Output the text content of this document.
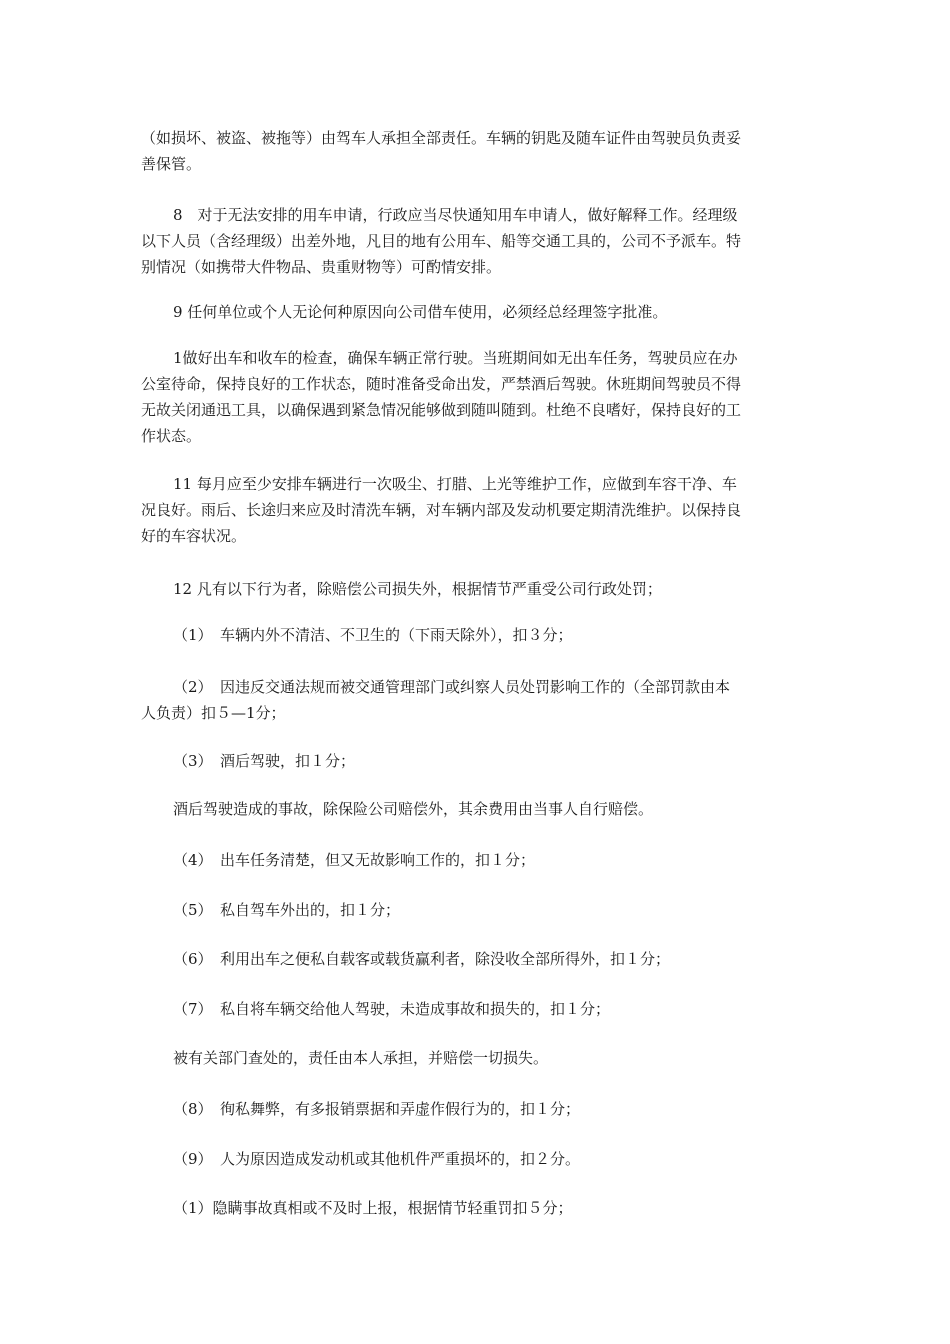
（如损坏、被盗、被拖等）由驾车人承担全部责任。车辆的钥匙及随车证件由驾驶员负责妥
善保管。

8　对于无法安排的用车申请，行政应当尽快通知用车申请人，做好解释工作。经理级
以下人员（含经理级）出差外地，凡目的地有公用车、船等交通工具的，公司不予派车。特
别情况（如携带大件物品、贵重财物等）可酌情安排。

9 任何单位或个人无论何种原因向公司借车使用，必须经总经理签字批准。

1做好出车和收车的检查，确保车辆正常行驶。当班期间如无出车任务，驾驶员应在办
公室待命，保持良好的工作状态，随时准备受命出发，严禁酒后驾驶。休班期间驾驶员不得
无故关闭通迅工具，以确保遇到紧急情况能够做到随叫随到。杜绝不良嗜好，保持良好的工
作状态。

11 每月应至少安排车辆进行一次吸尘、打腊、上光等维护工作，应做到车容干净、车
况良好。雨后、长途归来应及时清洗车辆，对车辆内部及发动机要定期清洗维护。以保持良
好的车容状况。

12 凡有以下行为者，除赔偿公司损失外，根据情节严重受公司行政处罚；

（1）　车辆内外不清洁、不卫生的（下雨天除外），扣３分；

（2）　因违反交通法规而被交通管理部门或纠察人员处罚影响工作的（全部罚款由本
人负责）扣５—1分；

（3）　酒后驾驶，扣１分；

酒后驾驶造成的事故，除保险公司赔偿外，其余费用由当事人自行赔偿。

（4）　出车任务清楚，但又无故影响工作的，扣１分；

（5）　私自驾车外出的，扣１分；

（6）　利用出车之便私自载客或载货赢利者，除没收全部所得外，扣１分；

（7）　私自将车辆交给他人驾驶，未造成事故和损失的，扣１分；

被有关部门查处的，责任由本人承担，并赔偿一切损失。

（8）　徇私舞弊，有多报销票据和弄虚作假行为的，扣１分；

（9）　人为原因造成发动机或其他机件严重损坏的，扣２分。

（1）隐瞒事故真相或不及时上报，根据情节轻重罚扣５分；
